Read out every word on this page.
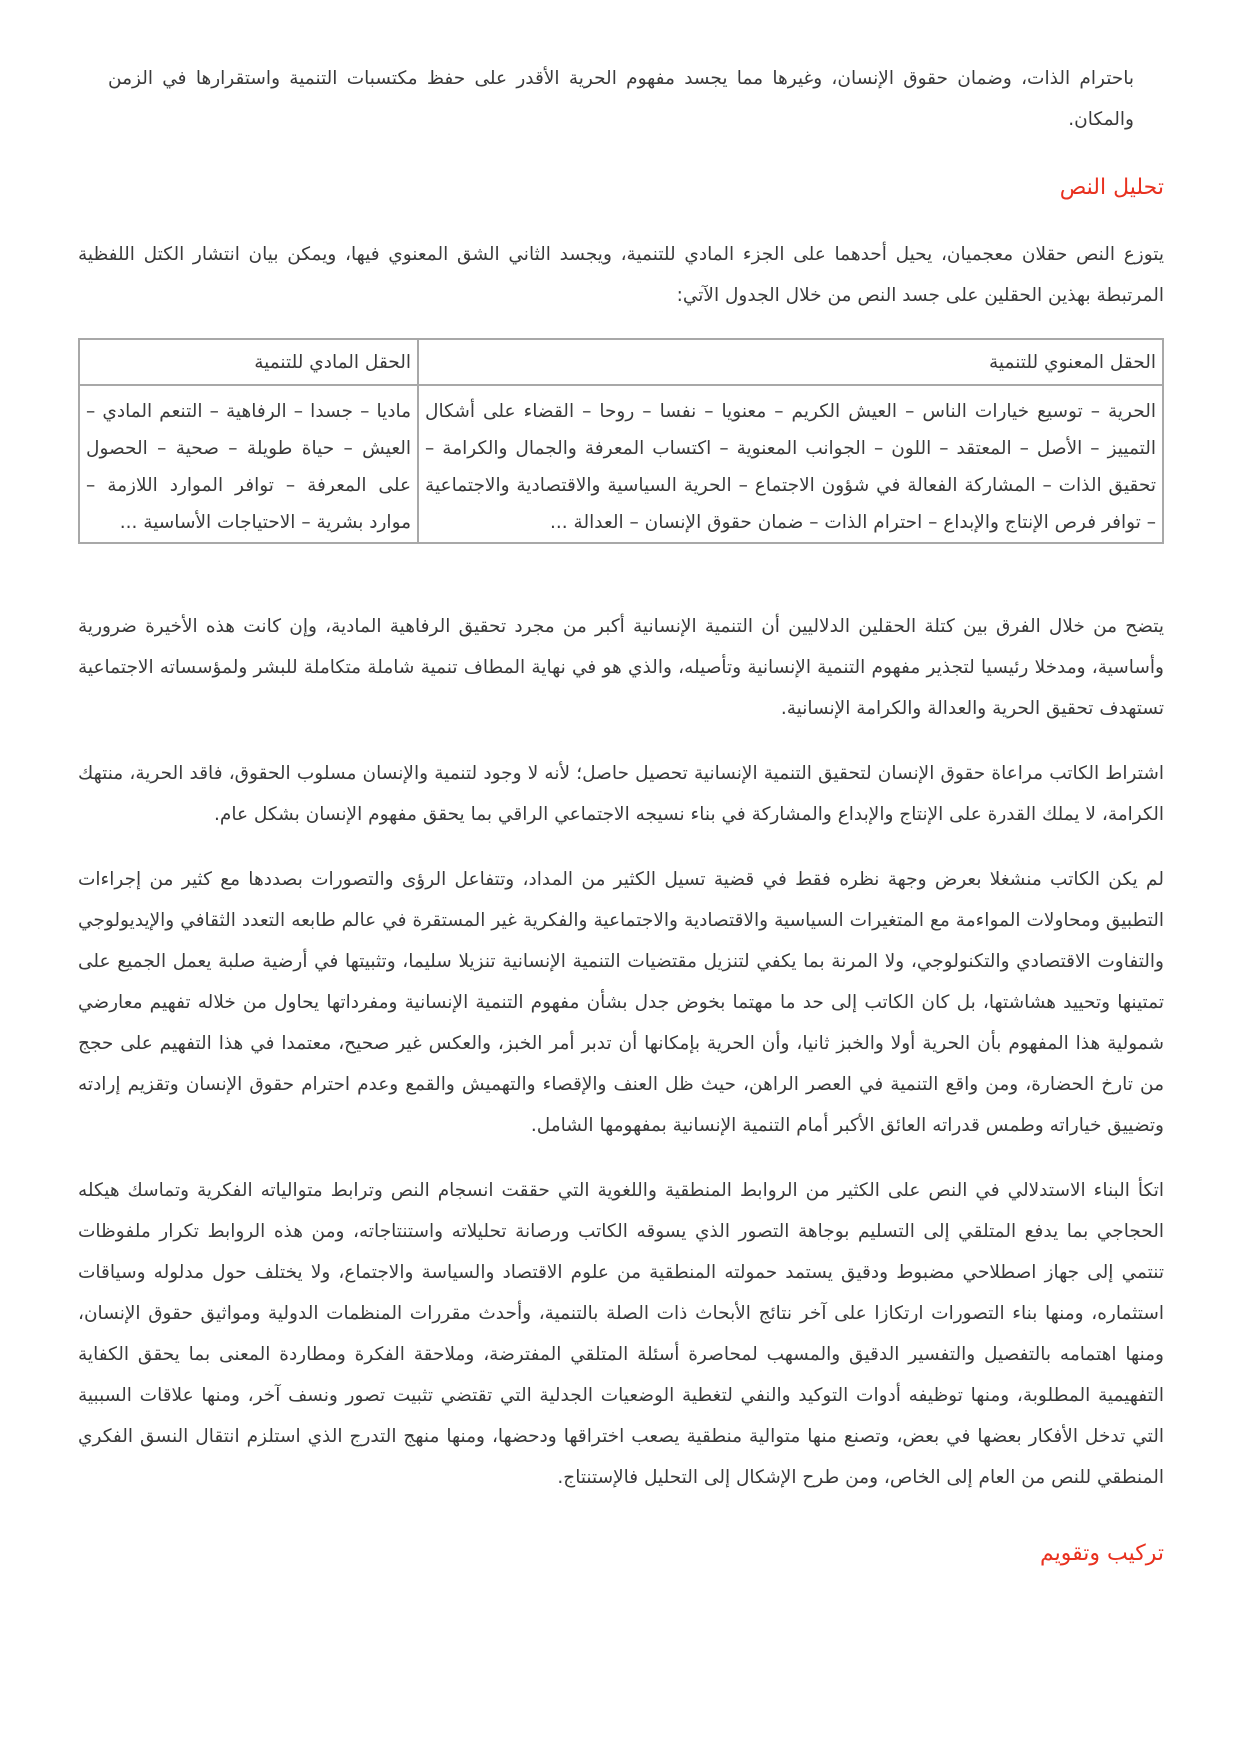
باحترام الذات، وضمان حقوق الإنسان، وغيرها مما يجسد مفهوم الحرية الأقدر على حفظ مكتسبات التنمية واستقرارها في الزمن والمكان.

تحليل النص

يتوزع النص حقلان معجميان، يحيل أحدهما على الجزء المادي للتنمية، ويجسد الثاني الشق المعنوي فيها، ويمكن بيان انتشار الكتل اللفظية المرتبطة بهذين الحقلين على جسد النص من خلال الجدول الآتي:

الحقل المعنوي للتنمية	الحقل المادي للتنمية
الحرية – توسيع خيارات الناس – العيش الكريم – معنويا – نفسا – روحا – القضاء على أشكال التمييز – الأصل – المعتقد – اللون – الجوانب المعنوية – اكتساب المعرفة والجمال والكرامة – تحقيق الذات – المشاركة الفعالة في شؤون الاجتماع – الحرية السياسية والاقتصادية والاجتماعية – توافر فرص الإنتاج والإبداع – احترام الذات – ضمان حقوق الإنسان – العدالة ...	ماديا – جسدا – الرفاهية – التنعم المادي – العيش – حياة طويلة – صحية – الحصول على المعرفة – توافر الموارد اللازمة – موارد بشرية – الاحتياجات الأساسية ...

يتضح من خلال الفرق بين كتلة الحقلين الدلاليين أن التنمية الإنسانية أكبر من مجرد تحقيق الرفاهية المادية، وإن كانت هذه الأخيرة ضرورية وأساسية، ومدخلا رئيسيا لتجذير مفهوم التنمية الإنسانية وتأصيله، والذي هو في نهاية المطاف تنمية شاملة متكاملة للبشر ولمؤسساته الاجتماعية تستهدف تحقيق الحرية والعدالة والكرامة الإنسانية.

اشتراط الكاتب مراعاة حقوق الإنسان لتحقيق التنمية الإنسانية تحصيل حاصل؛ لأنه لا وجود لتنمية والإنسان مسلوب الحقوق، فاقد الحرية، منتهك الكرامة، لا يملك القدرة على الإنتاج والإبداع والمشاركة في بناء نسيجه الاجتماعي الراقي بما يحقق مفهوم الإنسان بشكل عام.

لم يكن الكاتب منشغلا بعرض وجهة نظره فقط في قضية تسيل الكثير من المداد، وتتفاعل الرؤى والتصورات بصددها مع كثير من إجراءات التطبيق ومحاولات المواءمة مع المتغيرات السياسية والاقتصادية والاجتماعية والفكرية غير المستقرة في عالم طابعه التعدد الثقافي والإيديولوجي والتفاوت الاقتصادي والتكنولوجي، ولا المرنة بما يكفي لتنزيل مقتضيات التنمية الإنسانية تنزيلا سليما، وتثبيتها في أرضية صلبة يعمل الجميع على تمتينها وتحييد هشاشتها، بل كان الكاتب إلى حد ما مهتما بخوض جدل بشأن مفهوم التنمية الإنسانية ومفرداتها يحاول من خلاله تفهيم معارضي شمولية هذا المفهوم بأن الحرية أولا والخبز ثانيا، وأن الحرية بإمكانها أن تدبر أمر الخبز، والعكس غير صحيح، معتمدا في هذا التفهيم على حجج من تارخ الحضارة، ومن واقع التنمية في العصر الراهن، حيث ظل العنف والإقصاء والتهميش والقمع وعدم احترام حقوق الإنسان وتقزيم إرادته وتضييق خياراته وطمس قدراته العائق الأكبر أمام التنمية الإنسانية بمفهومها الشامل.

اتكأ البناء الاستدلالي في النص على الكثير من الروابط المنطقية واللغوية التي حققت انسجام النص وترابط متوالياته الفكرية وتماسك هيكله الحجاجي بما يدفع المتلقي إلى التسليم بوجاهة التصور الذي يسوقه الكاتب ورصانة تحليلاته واستنتاجاته، ومن هذه الروابط تكرار ملفوظات تنتمي إلى جهاز اصطلاحي مضبوط ودقيق يستمد حمولته المنطقية من علوم الاقتصاد والسياسة والاجتماع، ولا يختلف حول مدلوله وسياقات استثماره، ومنها بناء التصورات ارتكازا على آخر نتائج الأبحاث ذات الصلة بالتنمية، وأحدث مقررات المنظمات الدولية ومواثيق حقوق الإنسان، ومنها اهتمامه بالتفصيل والتفسير الدقيق والمسهب لمحاصرة أسئلة المتلقي المفترضة، وملاحقة الفكرة ومطاردة المعنى بما يحقق الكفاية التفهيمية المطلوبة، ومنها توظيفه أدوات التوكيد والنفي لتغطية الوضعيات الجدلية التي تقتضي تثبيت تصور ونسف آخر، ومنها علاقات السببية التي تدخل الأفكار بعضها في بعض، وتصنع منها متوالية منطقية يصعب اختراقها ودحضها، ومنها منهج التدرج الذي استلزم انتقال النسق الفكري المنطقي للنص من العام إلى الخاص، ومن طرح الإشكال إلى التحليل فالإستنتاج.

تركيب وتقويم
